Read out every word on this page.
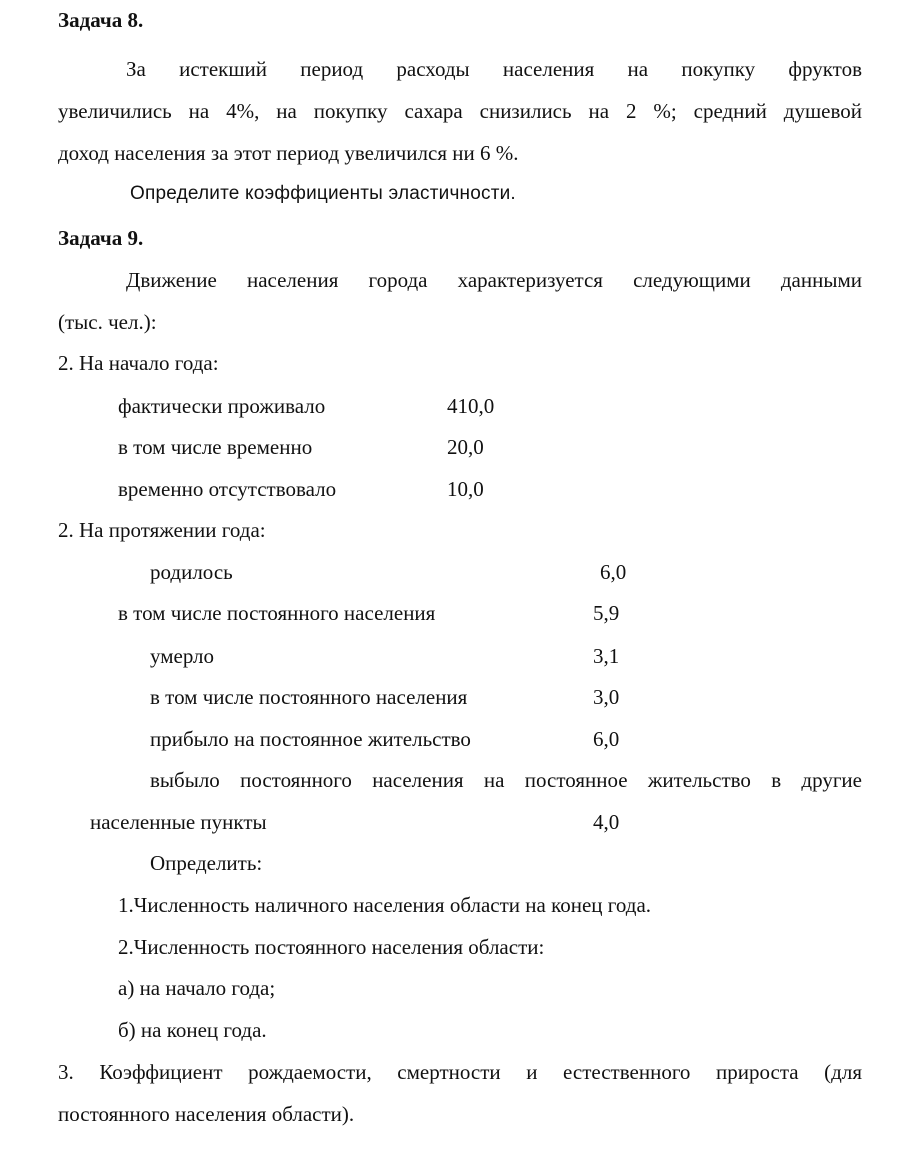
Задача 8.
За истекший период расходы населения на покупку фруктов
увеличились на 4%, на покупку сахара снизились на 2 %; средний душевой
доход населения за этот период увеличился ни 6 %.
Определите коэффициенты эластичности.
Задача 9.
Движение населения города характеризуется следующими данными
(тыс. чел.):
2. На начало года:
фактически проживало	410,0
в том числе временно	20,0
временно отсутствовало	10,0
2. На протяжении года:
родилось	6,0
в том числе постоянного населения	5,9
умерло	3,1
в том числе постоянного населения	3,0
прибыло на постоянное жительство	6,0
выбыло постоянного населения на постоянное жительство в другие
населенные пункты	4,0
Определить:
1.Численность наличного населения области на конец года.
2.Численность постоянного населения области:
а) на начало года;
б) на конец года.
3. Коэффициент рождаемости, смертности и естественного прироста (для
постоянного населения области).
